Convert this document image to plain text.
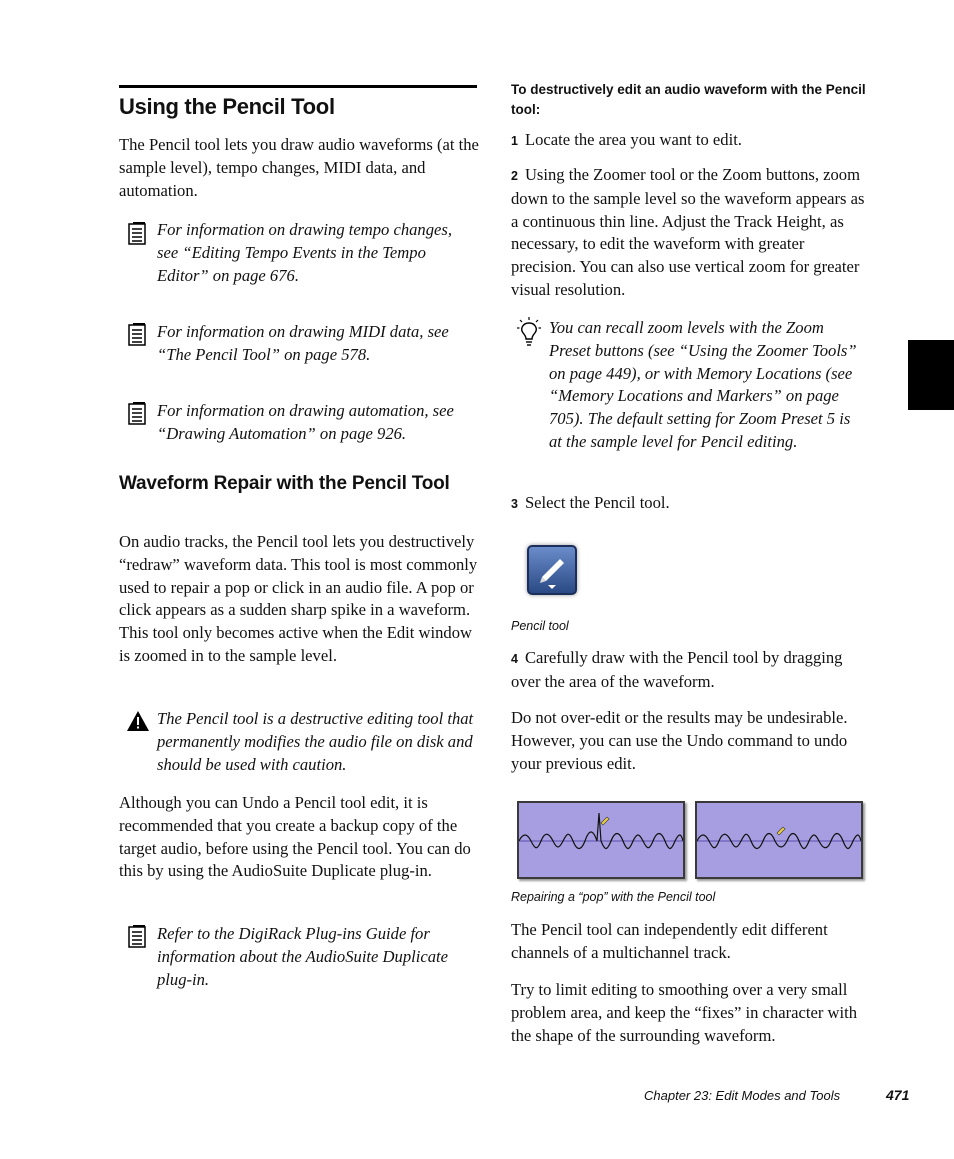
Using the Pencil Tool
The Pencil tool lets you draw audio waveforms (at the sample level), tempo changes, MIDI data, and automation.
For information on drawing tempo changes, see “Editing Tempo Events in the Tempo Editor” on page 676.
For information on drawing MIDI data, see “The Pencil Tool” on page 578.
For information on drawing automation, see “Drawing Automation” on page 926.
Waveform Repair with the Pencil Tool
On audio tracks, the Pencil tool lets you destructively “redraw” waveform data. This tool is most commonly used to repair a pop or click in an audio file. A pop or click appears as a sudden sharp spike in a waveform. This tool only becomes active when the Edit window is zoomed in to the sample level.
The Pencil tool is a destructive editing tool that permanently modifies the audio file on disk and should be used with caution.
Although you can Undo a Pencil tool edit, it is recommended that you create a backup copy of the target audio, before using the Pencil tool. You can do this by using the AudioSuite Duplicate plug-in.
Refer to the DigiRack Plug-ins Guide for information about the AudioSuite Duplicate plug-in.
To destructively edit an audio waveform with the Pencil tool:
1 Locate the area you want to edit.
2 Using the Zoomer tool or the Zoom buttons, zoom down to the sample level so the waveform appears as a continuous thin line. Adjust the Track Height, as necessary, to edit the waveform with greater precision. You can also use vertical zoom for greater visual resolution.
You can recall zoom levels with the Zoom Preset buttons (see “Using the Zoomer Tools” on page 449), or with Memory Locations (see “Memory Locations and Markers” on page 705). The default setting for Zoom Preset 5 is at the sample level for Pencil editing.
3 Select the Pencil tool.
Pencil tool
4 Carefully draw with the Pencil tool by dragging over the area of the waveform.
Do not over-edit or the results may be undesirable. However, you can use the Undo command to undo your previous edit.
Repairing a “pop” with the Pencil tool
The Pencil tool can independently edit different channels of a multichannel track.
Try to limit editing to smoothing over a very small problem area, and keep the “fixes” in character with the shape of the surrounding waveform.
Chapter 23: Edit Modes and Tools	471
